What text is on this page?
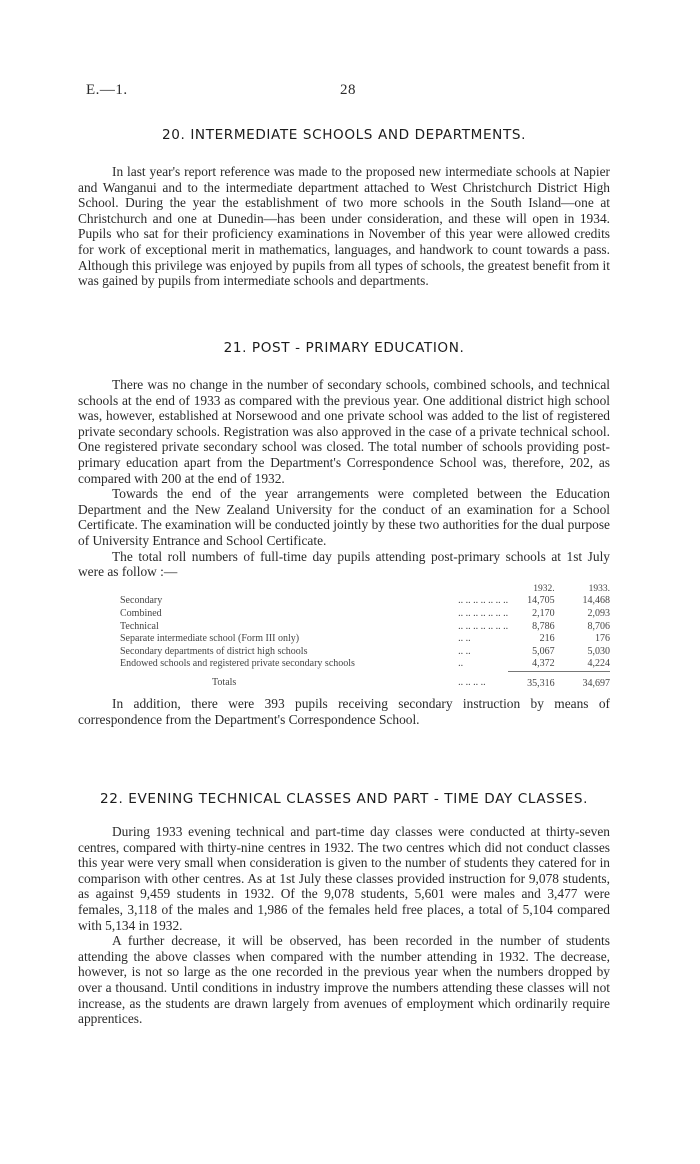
E.—1.	28
20. INTERMEDIATE SCHOOLS AND DEPARTMENTS.

In last year's report reference was made to the proposed new intermediate schools at Napier and Wanganui and to the intermediate department attached to West Christchurch District High School. During the year the establishment of two more schools in the South Island—one at Christchurch and one at Dunedin—has been under consideration, and these will open in 1934. Pupils who sat for their proficiency examinations in November of this year were allowed credits for work of exceptional merit in mathematics, languages, and handwork to count towards a pass. Although this privilege was enjoyed by pupils from all types of schools, the greatest benefit from it was gained by pupils from intermediate schools and departments.

21. POST - PRIMARY EDUCATION.

There was no change in the number of secondary schools, combined schools, and technical schools at the end of 1933 as compared with the previous year. One additional district high school was, however, established at Norsewood and one private school was added to the list of registered private secondary schools. Registration was also approved in the case of a private technical school. One registered private secondary school was closed. The total number of schools providing post-primary education apart from the Department's Correspondence School was, therefore, 202, as compared with 200 at the end of 1932.

Towards the end of the year arrangements were completed between the Education Department and the New Zealand University for the conduct of an examination for a School Certificate. The examination will be conducted jointly by these two authorities for the dual purpose of University Entrance and School Certificate.

The total roll numbers of full-time day pupils attending post-primary schools at 1st July were as follow :—

		1932.	1933.
Secondary	.. .. .. .. .. .. ..	14,705	14,468
Combined	.. .. .. .. .. .. ..	2,170	2,093
Technical	.. .. .. .. .. .. ..	8,786	8,706
Separate intermediate school (Form III only)	.. ..	216	176
Secondary departments of district high schools	.. ..	5,067	5,030
Endowed schools and registered private secondary schools	..	4,372	4,224
Totals	.. .. .. ..	35,316	34,697

In addition, there were 393 pupils receiving secondary instruction by means of correspondence from the Department's Correspondence School.

22. EVENING TECHNICAL CLASSES AND PART - TIME DAY CLASSES.

During 1933 evening technical and part-time day classes were conducted at thirty-seven centres, compared with thirty-nine centres in 1932. The two centres which did not conduct classes this year were very small when consideration is given to the number of students they catered for in comparison with other centres. As at 1st July these classes provided instruction for 9,078 students, as against 9,459 students in 1932. Of the 9,078 students, 5,601 were males and 3,477 were females, 3,118 of the males and 1,986 of the females held free places, a total of 5,104 compared with 5,134 in 1932.

A further decrease, it will be observed, has been recorded in the number of students attending the above classes when compared with the number attending in 1932. The decrease, however, is not so large as the one recorded in the previous year when the numbers dropped by over a thousand. Until conditions in industry improve the numbers attending these classes will not increase, as the students are drawn largely from avenues of employment which ordinarily require apprentices.
